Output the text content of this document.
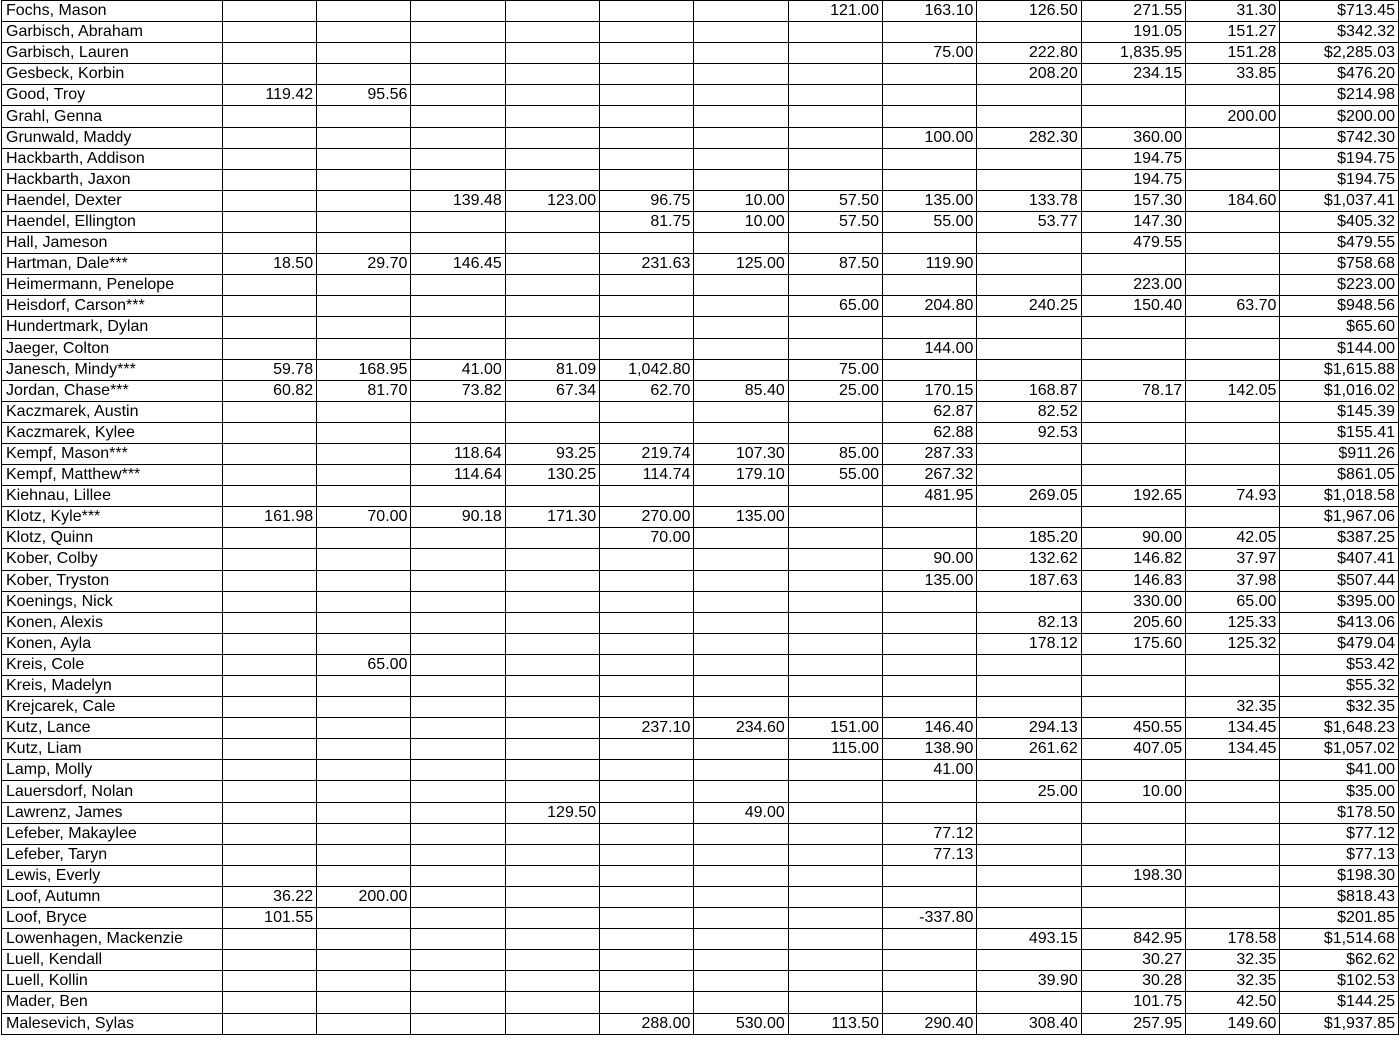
Fochs, Mason							121.00	163.10	126.50	271.55	31.30	$713.45
Garbisch, Abraham										191.05	151.27	$342.32
Garbisch, Lauren								75.00	222.80	1,835.95	151.28	$2,285.03
Gesbeck, Korbin									208.20	234.15	33.85	$476.20
Good, Troy	119.42	95.56										$214.98
Grahl, Genna											200.00	$200.00
Grunwald, Maddy								100.00	282.30	360.00		$742.30
Hackbarth, Addison										194.75		$194.75
Hackbarth, Jaxon										194.75		$194.75
Haendel, Dexter			139.48	123.00	96.75	10.00	57.50	135.00	133.78	157.30	184.60	$1,037.41
Haendel, Ellington					81.75	10.00	57.50	55.00	53.77	147.30		$405.32
Hall, Jameson										479.55		$479.55
Hartman, Dale***	18.50	29.70	146.45		231.63	125.00	87.50	119.90				$758.68
Heimermann, Penelope										223.00		$223.00
Heisdorf, Carson***							65.00	204.80	240.25	150.40	63.70	$948.56
Hundertmark, Dylan												$65.60
Jaeger, Colton								144.00				$144.00
Janesch, Mindy***	59.78	168.95	41.00	81.09	1,042.80		75.00					$1,615.88
Jordan, Chase***	60.82	81.70	73.82	67.34	62.70	85.40	25.00	170.15	168.87	78.17	142.05	$1,016.02
Kaczmarek, Austin								62.87	82.52			$145.39
Kaczmarek, Kylee								62.88	92.53			$155.41
Kempf, Mason***			118.64	93.25	219.74	107.30	85.00	287.33				$911.26
Kempf, Matthew***			114.64	130.25	114.74	179.10	55.00	267.32				$861.05
Kiehnau, Lillee								481.95	269.05	192.65	74.93	$1,018.58
Klotz, Kyle***	161.98	70.00	90.18	171.30	270.00	135.00						$1,967.06
Klotz, Quinn					70.00				185.20	90.00	42.05	$387.25
Kober, Colby								90.00	132.62	146.82	37.97	$407.41
Kober, Tryston								135.00	187.63	146.83	37.98	$507.44
Koenings, Nick										330.00	65.00	$395.00
Konen, Alexis									82.13	205.60	125.33	$413.06
Konen, Ayla									178.12	175.60	125.32	$479.04
Kreis, Cole		65.00										$53.42
Kreis, Madelyn												$55.32
Krejcarek, Cale											32.35	$32.35
Kutz, Lance					237.10	234.60	151.00	146.40	294.13	450.55	134.45	$1,648.23
Kutz, Liam							115.00	138.90	261.62	407.05	134.45	$1,057.02
Lamp, Molly								41.00				$41.00
Lauersdorf, Nolan									25.00	10.00		$35.00
Lawrenz, James				129.50		49.00						$178.50
Lefeber, Makaylee								77.12				$77.12
Lefeber, Taryn								77.13				$77.13
Lewis, Everly										198.30		$198.30
Loof, Autumn	36.22	200.00										$818.43
Loof, Bryce	101.55							-337.80				$201.85
Lowenhagen, Mackenzie									493.15	842.95	178.58	$1,514.68
Luell, Kendall										30.27	32.35	$62.62
Luell, Kollin									39.90	30.28	32.35	$102.53
Mader, Ben										101.75	42.50	$144.25
Malesevich, Sylas					288.00	530.00	113.50	290.40	308.40	257.95	149.60	$1,937.85
